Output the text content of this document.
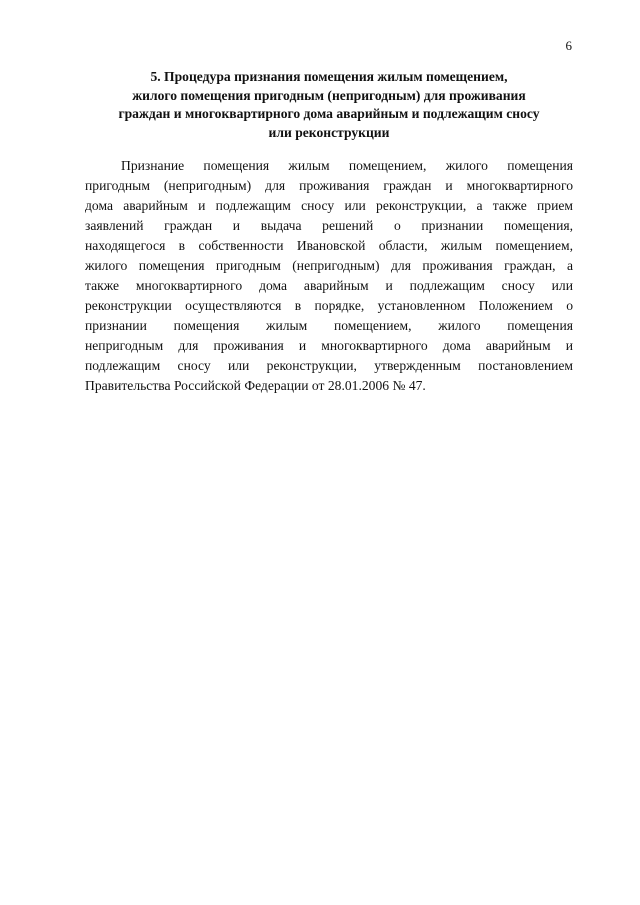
6
5. Процедура признания помещения жилым помещением,
жилого помещения пригодным (непригодным) для проживания
граждан и многоквартирного дома аварийным и подлежащим сносу
или реконструкции
Признание помещения жилым помещением, жилого помещения
пригодным (непригодным) для проживания граждан и многоквартирного
дома аварийным и подлежащим сносу или реконструкции, а также прием
заявлений граждан и выдача решений о признании помещения,
находящегося в собственности Ивановской области, жилым помещением,
жилого помещения пригодным (непригодным) для проживания граждан, а
также многоквартирного дома аварийным и подлежащим сносу или
реконструкции осуществляются в порядке, установленном Положением о
признании помещения жилым помещением, жилого помещения
непригодным для проживания и многоквартирного дома аварийным и
подлежащим сносу или реконструкции, утвержденным постановлением
Правительства Российской Федерации от 28.01.2006 № 47.
